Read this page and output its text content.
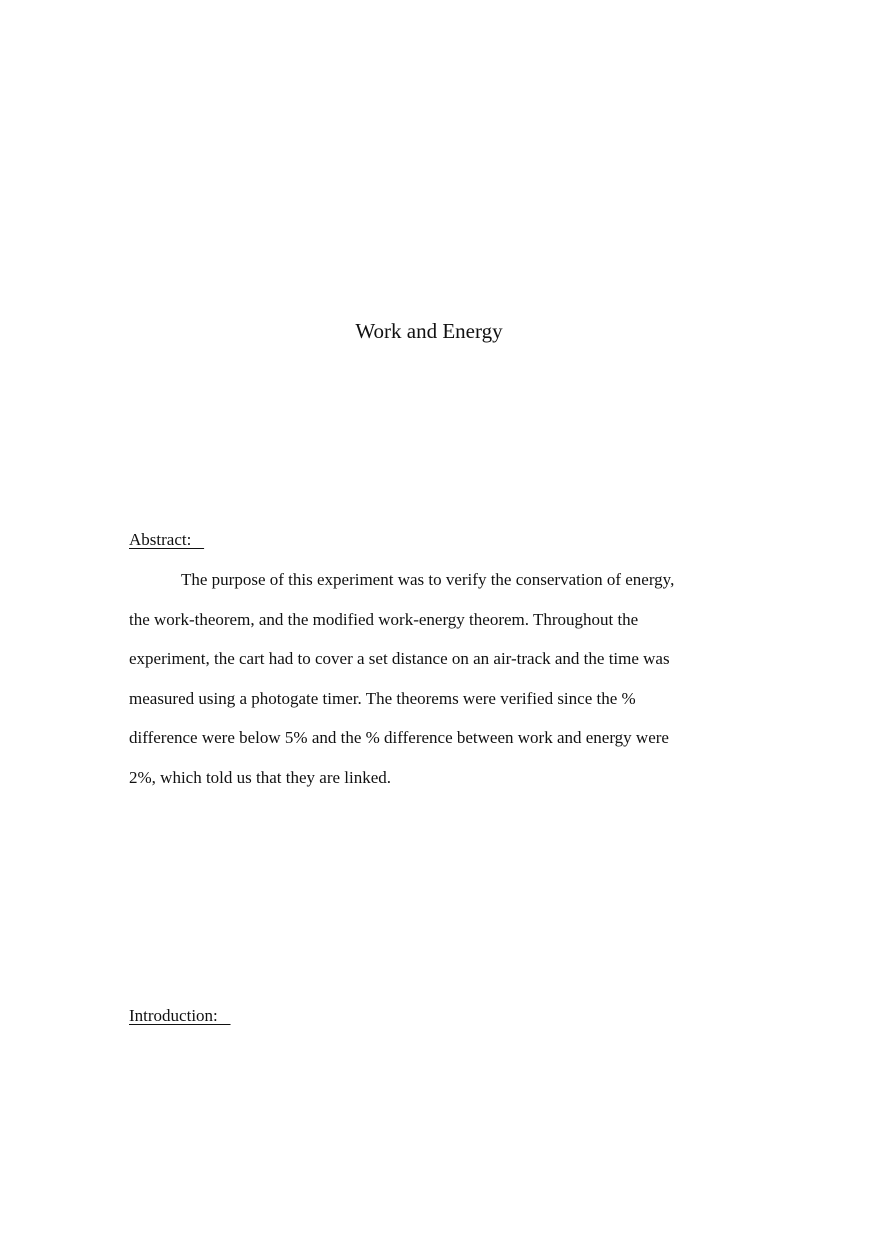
Work and Energy
Abstract:
The purpose of this experiment was to verify the conservation of energy,
the work-theorem, and the modified work-energy theorem. Throughout the
experiment, the cart had to cover a set distance on an air-track and the time was
measured using a photogate timer. The theorems were verified since the %
difference were below 5% and the % difference between work and energy were
2%, which told us that they are linked.
Introduction:
